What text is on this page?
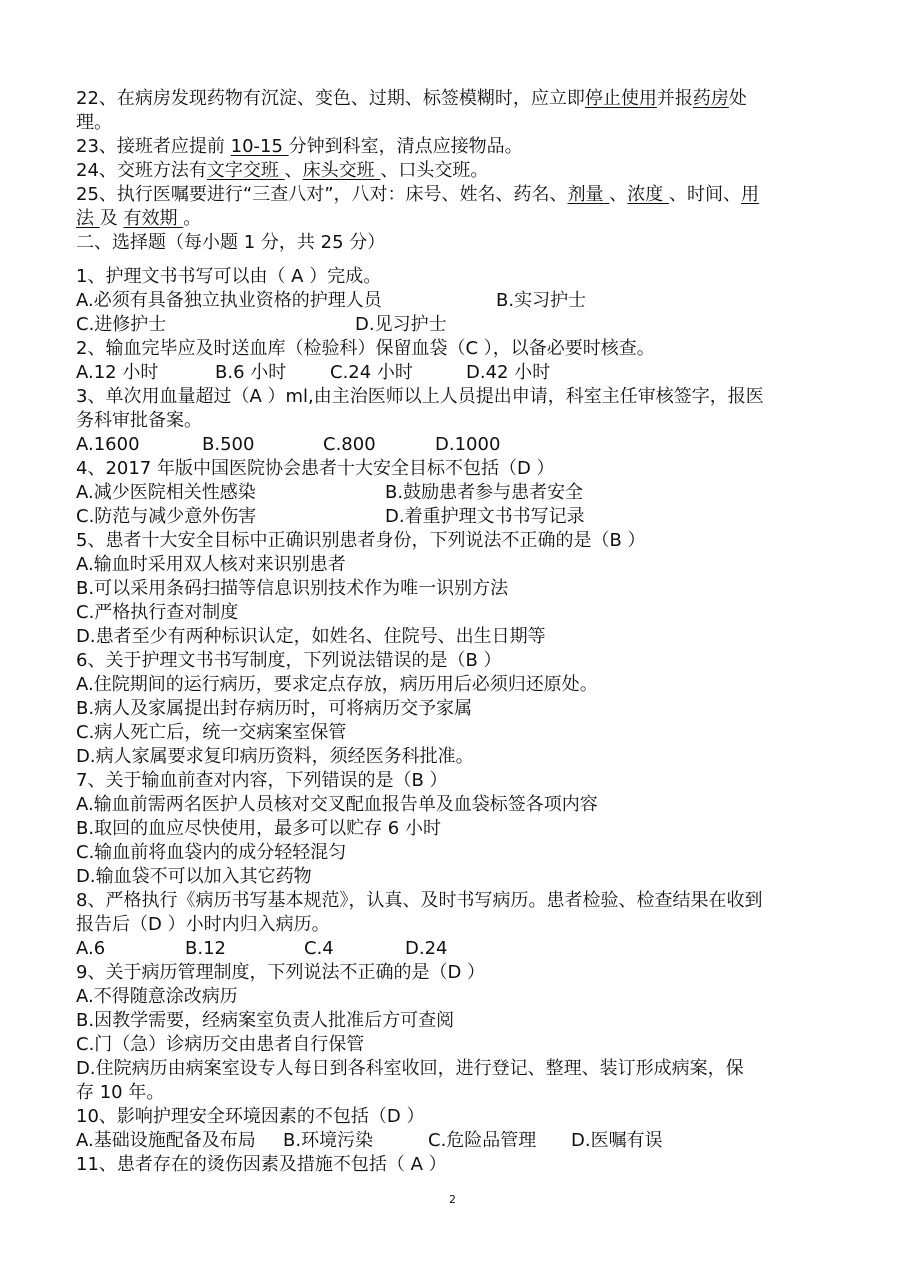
22、在病房发现药物有沉淀、变色、过期、标签模糊时，应立即停止使用并报药房处
理。
23、接班者应提前 10-15 分钟到科室，清点应接物品。
24、交班方法有文字交班 、床头交班 、口头交班。
25、执行医嘱要进行“三查八对”，八对：床号、姓名、药名、剂量 、浓度 、时间、用
法 及 有效期 。
二、选择题（每小题 1 分，共 25 分）
1、护理文书书写可以由（ A ）完成。
A.必须有具备独立执业资格的护理人员	B.实习护士
C.进修护士	D.见习护士
2、输血完毕应及时送血库（检验科）保留血袋（C ），以备必要时核查。
A.12 小时	B.6 小时 C.24 小时	D.42 小时
3、单次用血量超过（A ）ml,由主治医师以上人员提出申请，科室主任审核签字，报医
务科审批备案。
A.1600	B.500	C.800	D.1000
4、2017 年版中国医院协会患者十大安全目标不包括（D ）
A.减少医院相关性感染	B.鼓励患者参与患者安全
C.防范与减少意外伤害	D.着重护理文书书写记录
5、患者十大安全目标中正确识别患者身份，下列说法不正确的是（B ）
A.输血时采用双人核对来识别患者
B.可以采用条码扫描等信息识别技术作为唯一识别方法
C.严格执行查对制度
D.患者至少有两种标识认定，如姓名、住院号、出生日期等
6、关于护理文书书写制度，下列说法错误的是（B ）
A.住院期间的运行病历，要求定点存放，病历用后必须归还原处。
B.病人及家属提出封存病历时，可将病历交予家属
C.病人死亡后，统一交病案室保管
D.病人家属要求复印病历资料，须经医务科批准。
7、关于输血前查对内容，下列错误的是（B ）
A.输血前需两名医护人员核对交叉配血报告单及血袋标签各项内容
B.取回的血应尽快使用，最多可以贮存 6 小时
C.输血前将血袋内的成分轻轻混匀
D.输血袋不可以加入其它药物
8、严格执行《病历书写基本规范》，认真、及时书写病历。患者检验、检查结果在收到
报告后（D ）小时内归入病历。
A.6	B.12	C.4	D.24
9、关于病历管理制度，下列说法不正确的是（D ）
A.不得随意涂改病历
B.因教学需要，经病案室负责人批准后方可查阅
C.门（急）诊病历交由患者自行保管
D.住院病历由病案室设专人每日到各科室收回，进行登记、整理、装订形成病案，保
存 10 年。
10、影响护理安全环境因素的不包括（D ）
A.基础设施配备及布局 B.环境污染	C.危险品管理 D.医嘱有误
11、患者存在的烫伤因素及措施不包括（ A ）
2
